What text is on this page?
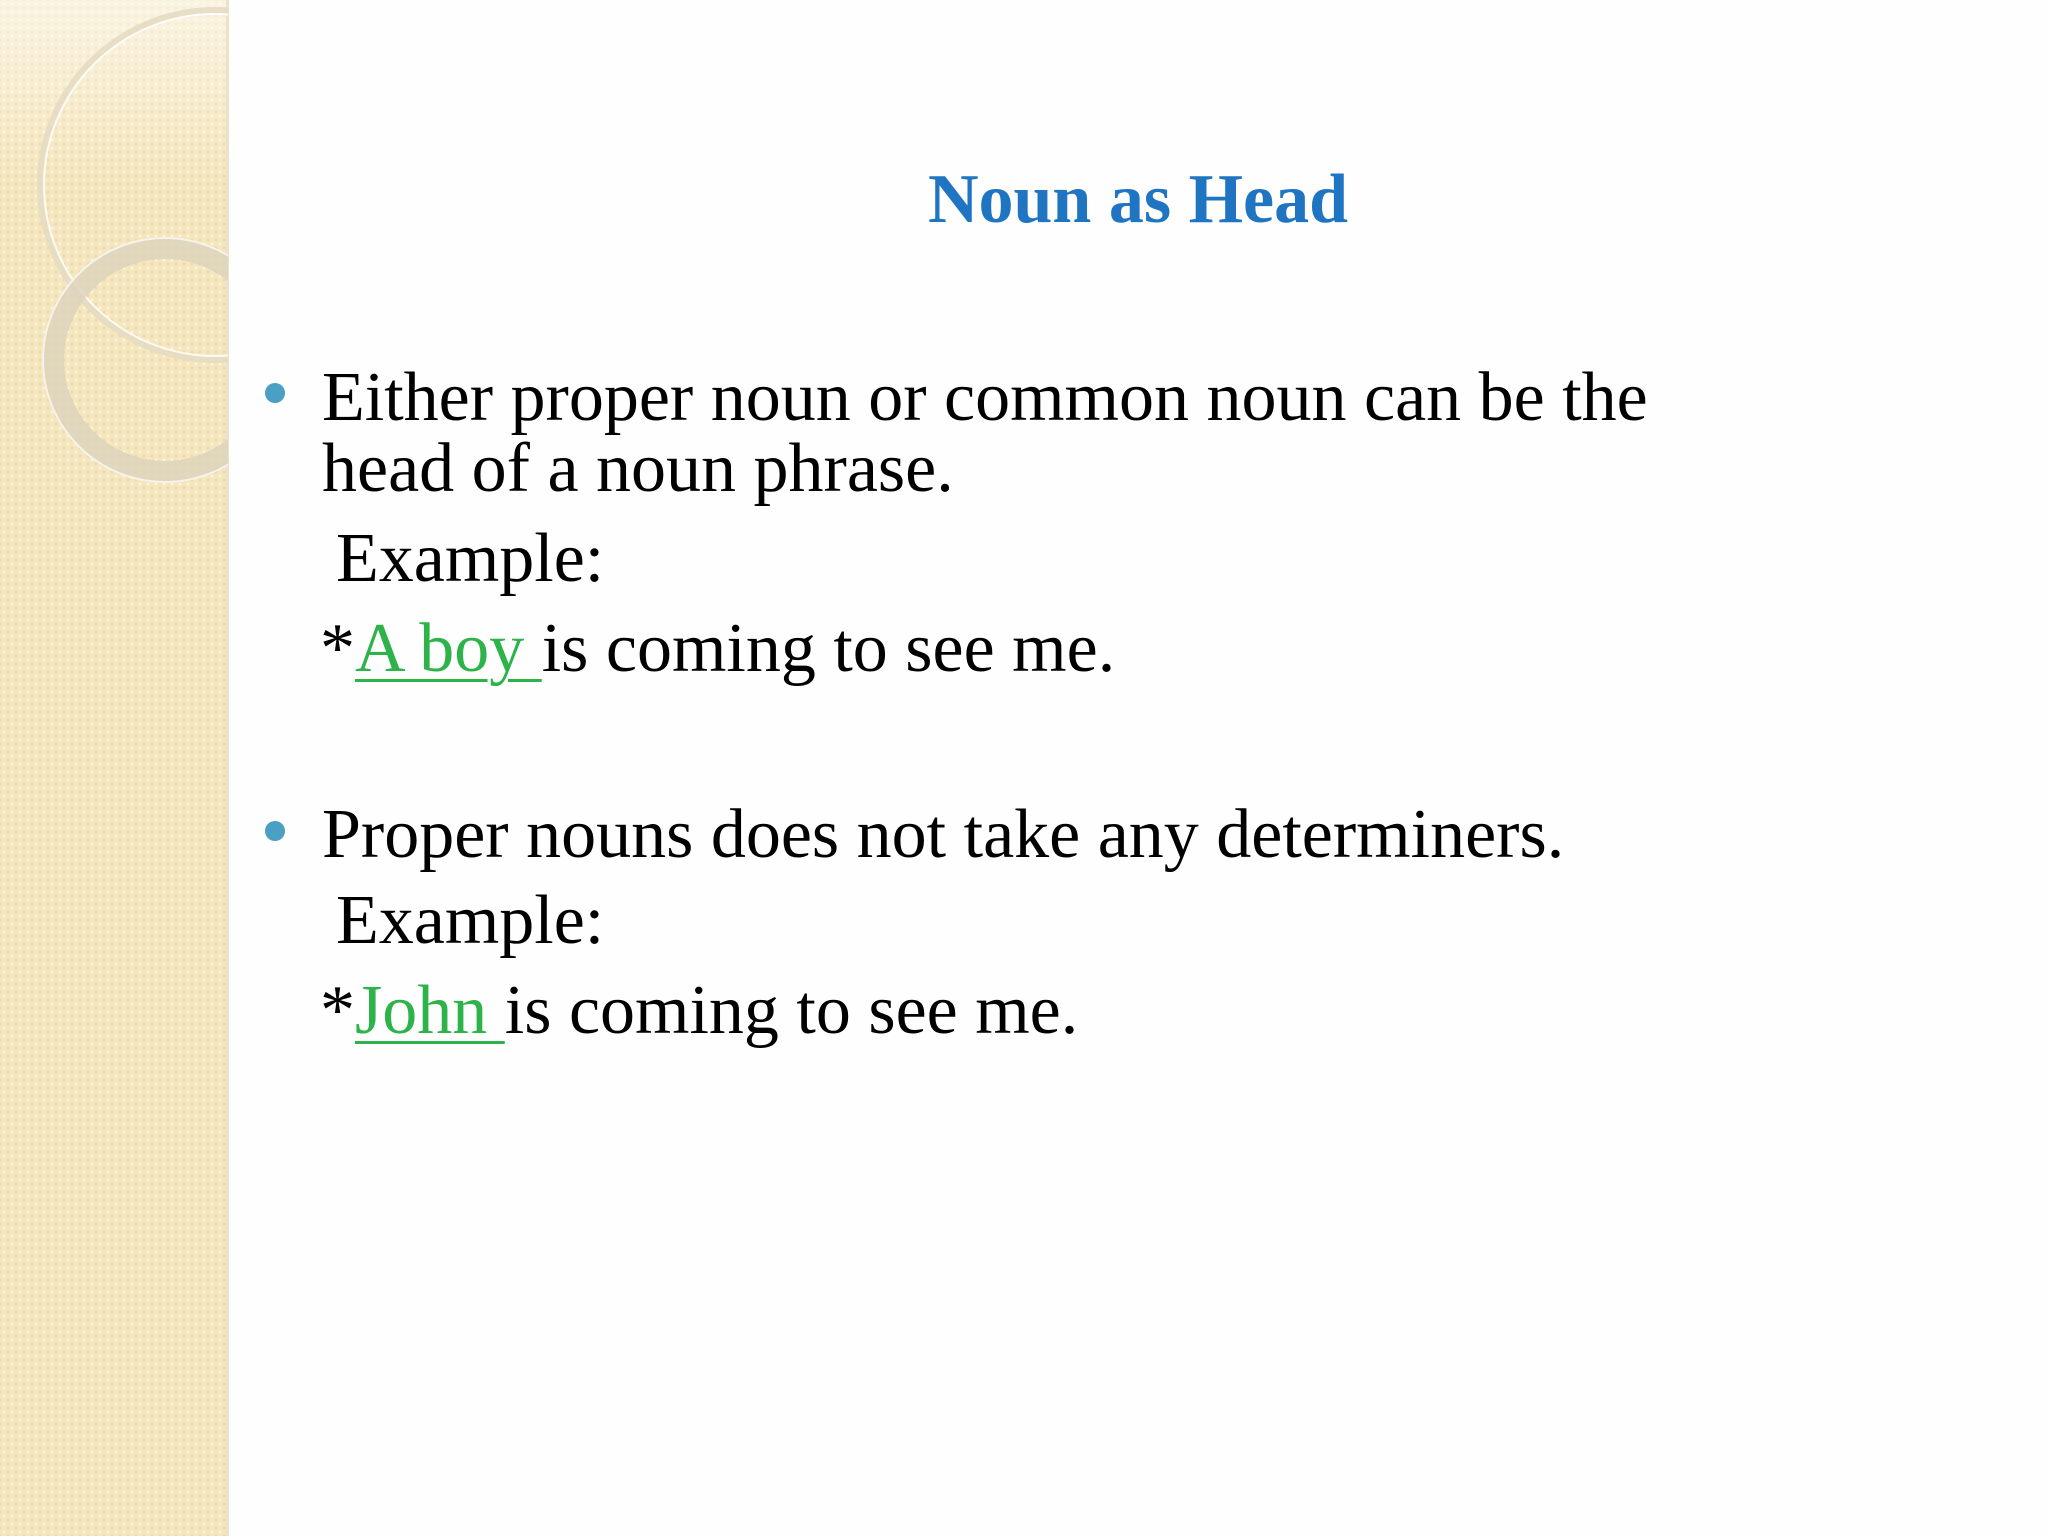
Noun as Head
Either proper noun or common noun can be the
head of a noun phrase.
Example:
*A boy is coming to see me.
Proper nouns does not take any determiners.
Example:
*John is coming to see me.
